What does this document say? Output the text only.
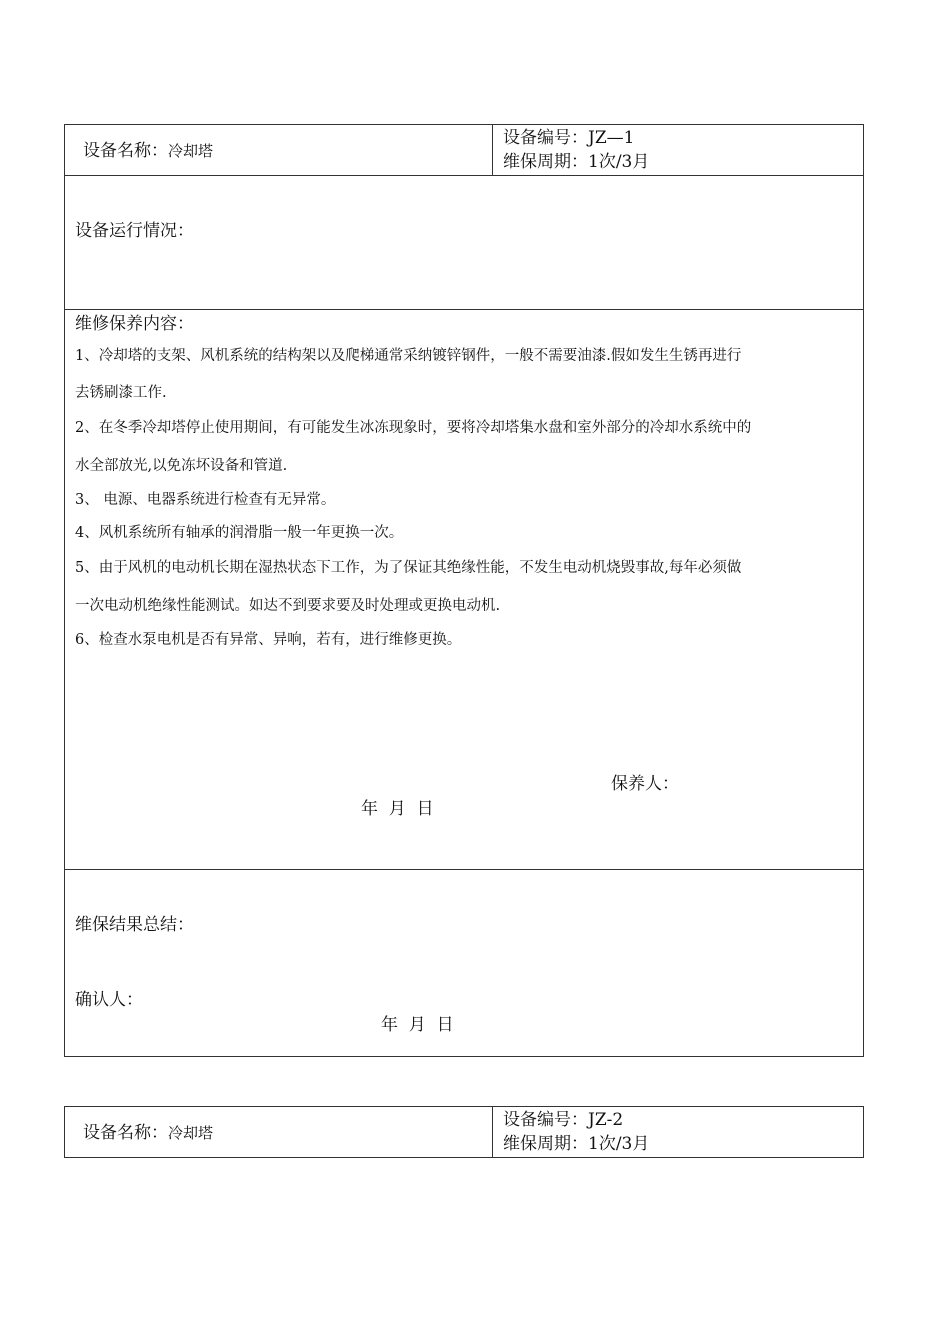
设备名称：冷却塔
设备编号：JZ—1
维保周期：1次/3月
设备运行情况：
维修保养内容：
1、冷却塔的支架、风机系统的结构架以及爬梯通常采纳镀锌钢件，一般不需要油漆.假如发生生锈再进行
去锈刷漆工作.
2、在冬季冷却塔停止使用期间，有可能发生冰冻现象时，要将冷却塔集水盘和室外部分的冷却水系统中的
水全部放光,以免冻坏设备和管道.
3、 电源、电器系统进行检查有无异常。
4、风机系统所有轴承的润滑脂一般一年更换一次。
5、由于风机的电动机长期在湿热状态下工作，为了保证其绝缘性能，不发生电动机烧毁事故,每年必须做
一次电动机绝缘性能测试。如达不到要求要及时处理或更换电动机.
6、检查水泵电机是否有异常、异响，若有，进行维修更换。
保养人：
年  月  日
维保结果总结：
确认人：
年  月  日
设备名称：冷却塔
设备编号：JZ-2
维保周期：1次/3月
